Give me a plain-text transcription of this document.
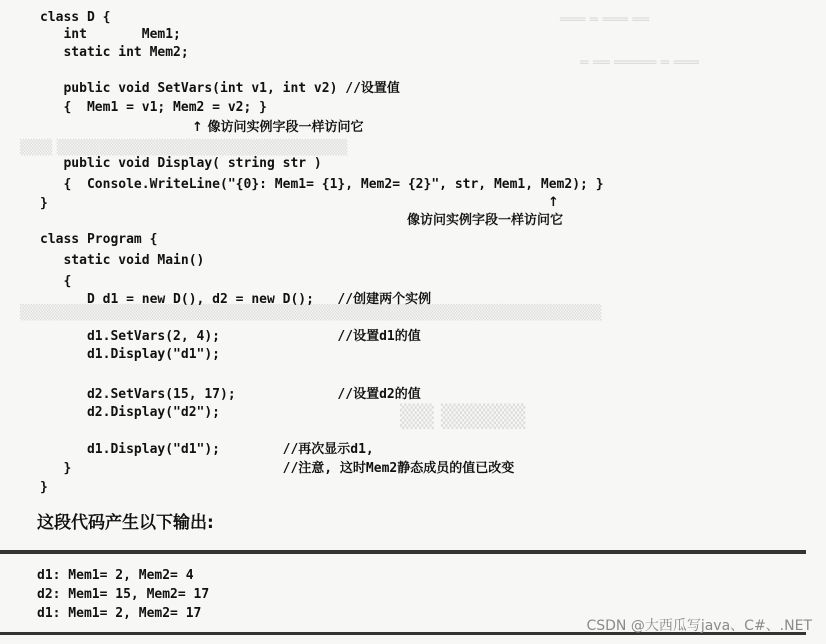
═══ ═ ═══ ══
═ ══ ═════ ═ ═══
▒▒▒ ▒▒▒▒▒▒▒▒▒▒▒▒▒▒▒▒▒▒▒▒▒▒▒▒▒▒▒
▒▒▒▒▒▒▒▒▒▒▒▒▒▒▒▒▒▒▒▒▒▒▒▒▒▒▒▒▒▒▒▒▒▒▒▒▒▒▒▒▒▒▒▒▒▒▒▒▒▒▒▒▒▒
▒▒ ▒▒▒▒▒
class D {
int       Mem1;
static int Mem2;
public void SetVars(int v1, int v2) //设置值
{  Mem1 = v1; Mem2 = v2; }
↑ 像访问实例字段一样访问它
public void Display( string str )
{  Console.WriteLine("{0}: Mem1= {1}, Mem2= {2}", str, Mem1, Mem2); }
}	↑
像访问实例字段一样访问它
class Program {
static void Main()
{
D d1 = new D(), d2 = new D();   //创建两个实例
d1.SetVars(2, 4);               //设置d1的值
d1.Display("d1");
d2.SetVars(15, 17);             //设置d2的值
d2.Display("d2");
d1.Display("d1");        //再次显示d1,
}                           //注意, 这时Mem2静态成员的值已改变
}
这段代码产生以下输出:
d1: Mem1= 2, Mem2= 4
d2: Mem1= 15, Mem2= 17
d1: Mem1= 2, Mem2= 17
CSDN @大西瓜写java、C#、.NET
